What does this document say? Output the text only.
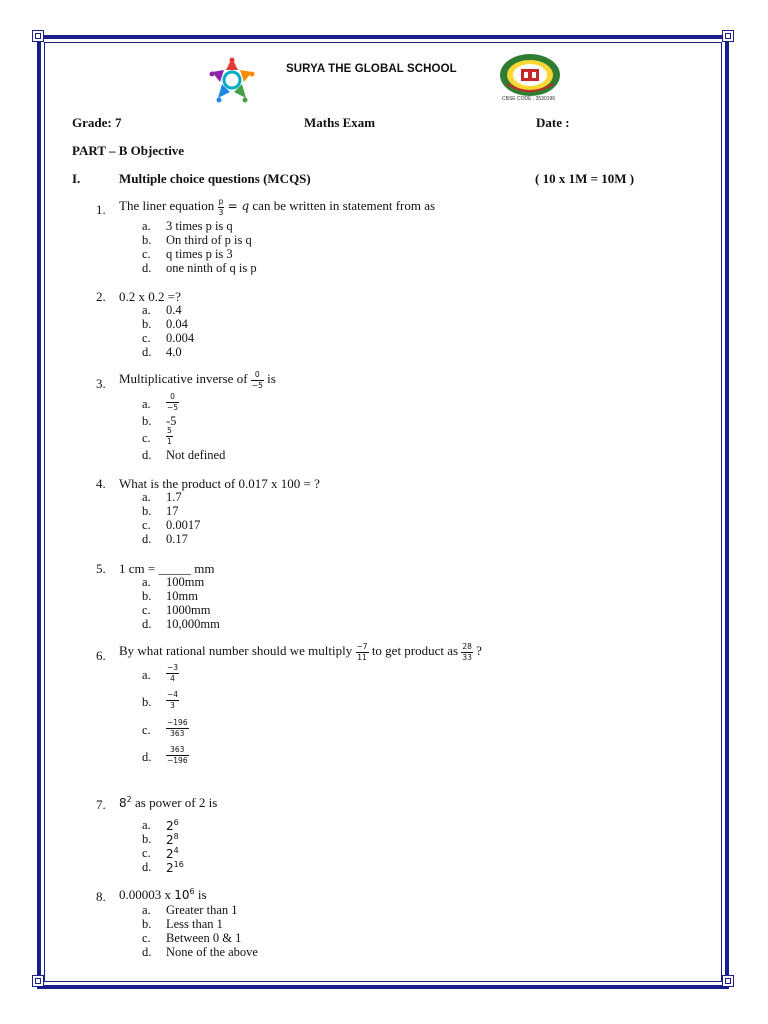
SURYA THE GLOBAL SCHOOL
CBSE CODE : 3530196
Grade: 7	Maths Exam	Date :
PART – B Objective
I.	Multiple choice questions (MCQS)	( 10 x 1M = 10M )
1. The liner equation $\frac{p}{3} = q$ can be written in statement from as
a.	3 times p is q
b.	On third of p is q
c.	q times p is 3
d.	one ninth of q is p
2. 0.2 x 0.2 =?
a.	0.4
b.	0.04
c.	0.004
d.	4.0
3. Multiplicative inverse of $\frac{0}{-5}$ is
a.	$\frac{0}{-5}$
b.	-5
c.	$\frac{5}{1}$
d.	Not defined
4. What is the product of 0.017 x 100 = ?
a.	1.7
b.	17
c.	0.0017
d.	0.17
5. 1 cm = _____ mm
a.	100mm
b.	10mm
c.	1000mm
d.	10,000mm
6. By what rational number should we multiply $\frac{-7}{11}$ to get product as $\frac{28}{33}$ ?
a.	$\frac{-3}{4}$
b.	$\frac{-4}{3}$
c.	$\frac{-196}{363}$
d.	$\frac{363}{-196}$
7. $8^2$ as power of 2 is
a.	$2^6$
b.	$2^8$
c.	$2^4$
d.	$2^{16}$
8. 0.00003 x $10^6$ is
a.	Greater than 1
b.	Less than 1
c.	Between 0 & 1
d.	None of the above
